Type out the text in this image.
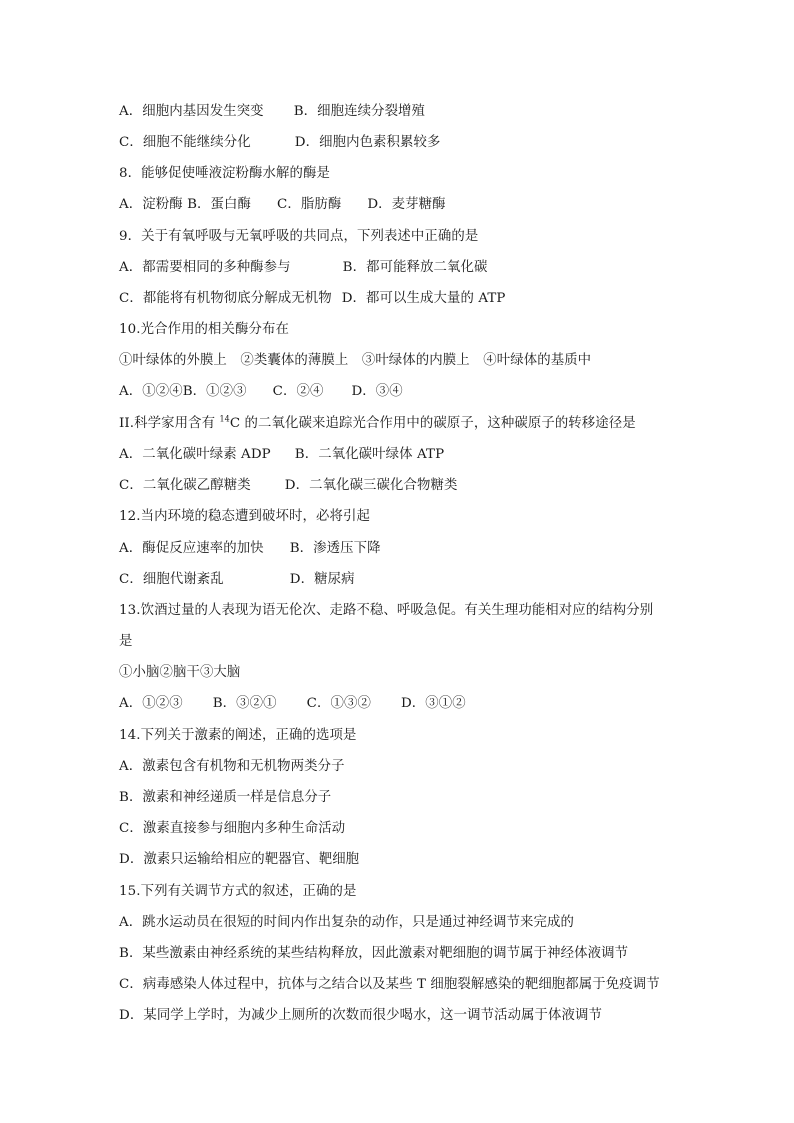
A．细胞内基因发生突变 B．细胞连续分裂增殖
C．细胞不能继续分化	D．细胞内色素积累较多
8．能够促使唾液淀粉酶水解的酶是
A．淀粉酶 B．蛋白酶 C．脂肪酶 D．麦芽糖酶
9．关于有氧呼吸与无氧呼吸的共同点，下列表述中正确的是
A．都需要相同的多种酶参与	B．都可能释放二氧化碳
C．都能将有机物彻底分解成无机物 D．都可以生成大量的 ATP
10.光合作用的相关酶分布在
①叶绿体的外膜上　②类囊体的薄膜上　③叶绿体的内膜上　④叶绿体的基质中
A．①②④B．①②③ C．②④ D．③④
II.科学家用含有 $^{14}$C 的二氧化碳来追踪光合作用中的碳原子，这种碳原子的转移途径是
A．二氧化碳叶绿素 ADP B．二氧化碳叶绿体 ATP
C．二氧化碳乙醇糖类	D．二氧化碳三碳化合物糖类
12.当内环境的稳态遭到破坏时，必将引起
A．酶促反应速率的加快 B．渗透压下降
C．细胞代谢紊乱	D．糖尿病
13.饮酒过量的人表现为语无伦次、走路不稳、呼吸急促。有关生理功能相对应的结构分别
是
①小脑②脑干③大脑
A．①②③ B．③②① C．①③② D．③①②
14.下列关于激素的阐述，正确的选项是
A．激素包含有机物和无机物两类分子
B．激素和神经递质一样是信息分子
C．激素直接参与细胞内多种生命活动
D．激素只运输给相应的靶器官、靶细胞
15.下列有关调节方式的叙述，正确的是
A．跳水运动员在很短的时间内作出复杂的动作，只是通过神经调节来完成的
B．某些激素由神经系统的某些结构释放，因此激素对靶细胞的调节属于神经体液调节
C．病毒感染人体过程中，抗体与之结合以及某些 T 细胞裂解感染的靶细胞都属于免疫调节
D．某同学上学时，为减少上厕所的次数而很少喝水，这一调节活动属于体液调节
